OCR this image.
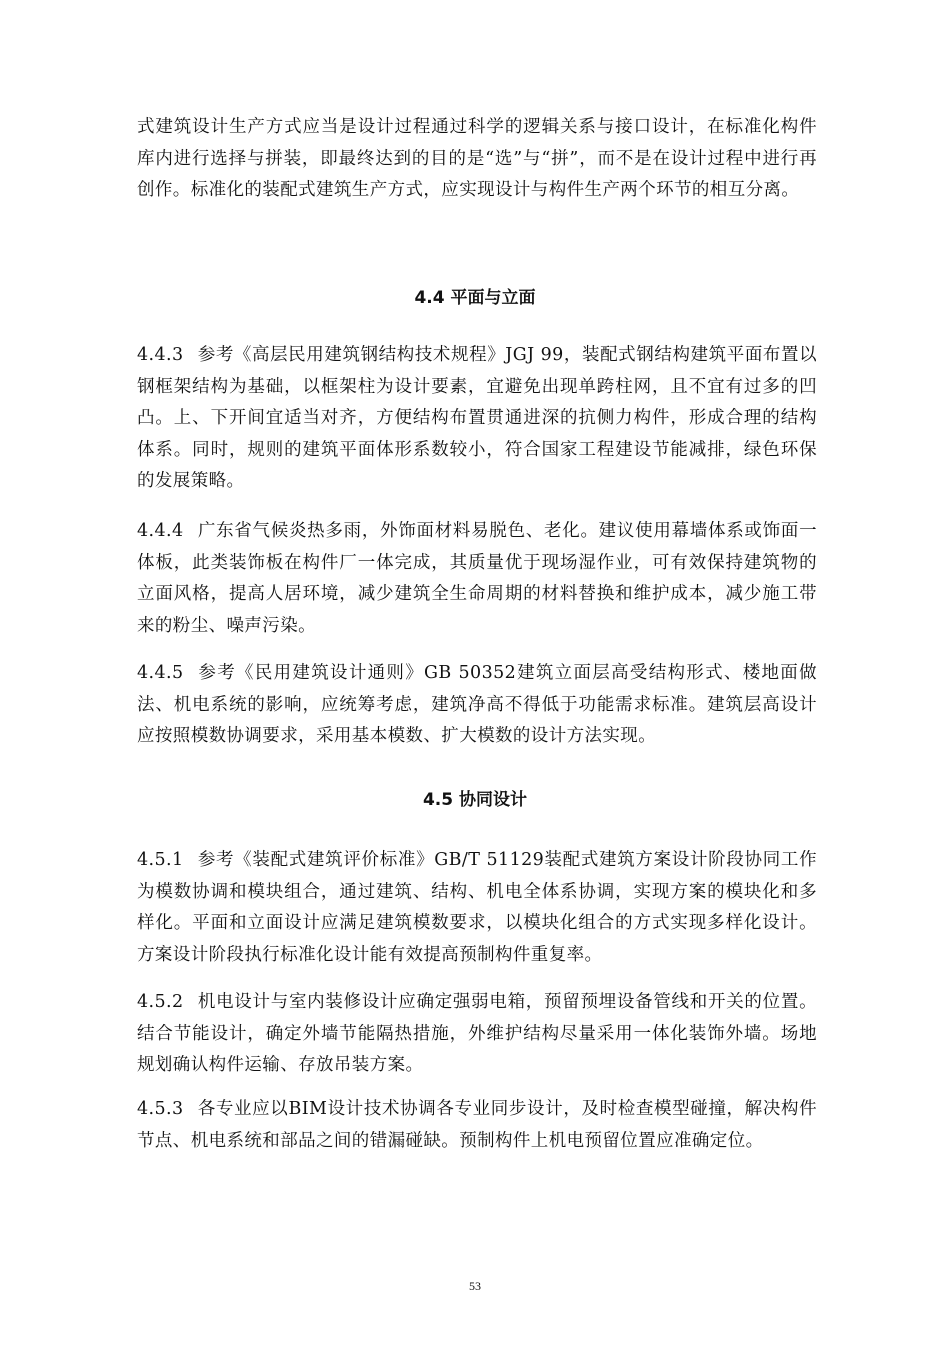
式建筑设计生产方式应当是设计过程通过科学的逻辑关系与接口设计，在标准化构件库内进行选择与拼装，即最终达到的目的是“选”与“拼”，而不是在设计过程中进行再创作。标准化的装配式建筑生产方式，应实现设计与构件生产两个环节的相互分离。

4.4 平面与立面

4.4.3 参考《高层民用建筑钢结构技术规程》JGJ 99，装配式钢结构建筑平面布置以钢框架结构为基础，以框架柱为设计要素，宜避免出现单跨柱网，且不宜有过多的凹凸。上、下开间宜适当对齐，方便结构布置贯通进深的抗侧力构件，形成合理的结构体系。同时，规则的建筑平面体形系数较小，符合国家工程建设节能减排，绿色环保的发展策略。

4.4.4 广东省气候炎热多雨，外饰面材料易脱色、老化。建议使用幕墙体系或饰面一体板，此类装饰板在构件厂一体完成，其质量优于现场湿作业，可有效保持建筑物的立面风格，提高人居环境，减少建筑全生命周期的材料替换和维护成本，减少施工带来的粉尘、噪声污染。

4.4.5 参考《民用建筑设计通则》GB 50352建筑立面层高受结构形式、楼地面做法、机电系统的影响，应统筹考虑，建筑净高不得低于功能需求标准。建筑层高设计应按照模数协调要求，采用基本模数、扩大模数的设计方法实现。

4.5 协同设计

4.5.1 参考《装配式建筑评价标准》GB/T 51129装配式建筑方案设计阶段协同工作为模数协调和模块组合，通过建筑、结构、机电全体系协调，实现方案的模块化和多样化。平面和立面设计应满足建筑模数要求，以模块化组合的方式实现多样化设计。方案设计阶段执行标准化设计能有效提高预制构件重复率。

4.5.2 机电设计与室内装修设计应确定强弱电箱，预留预埋设备管线和开关的位置。结合节能设计，确定外墙节能隔热措施，外维护结构尽量采用一体化装饰外墙。场地规划确认构件运输、存放吊装方案。

4.5.3 各专业应以BIM设计技术协调各专业同步设计，及时检查模型碰撞，解决构件节点、机电系统和部品之间的错漏碰缺。预制构件上机电预留位置应准确定位。

53
